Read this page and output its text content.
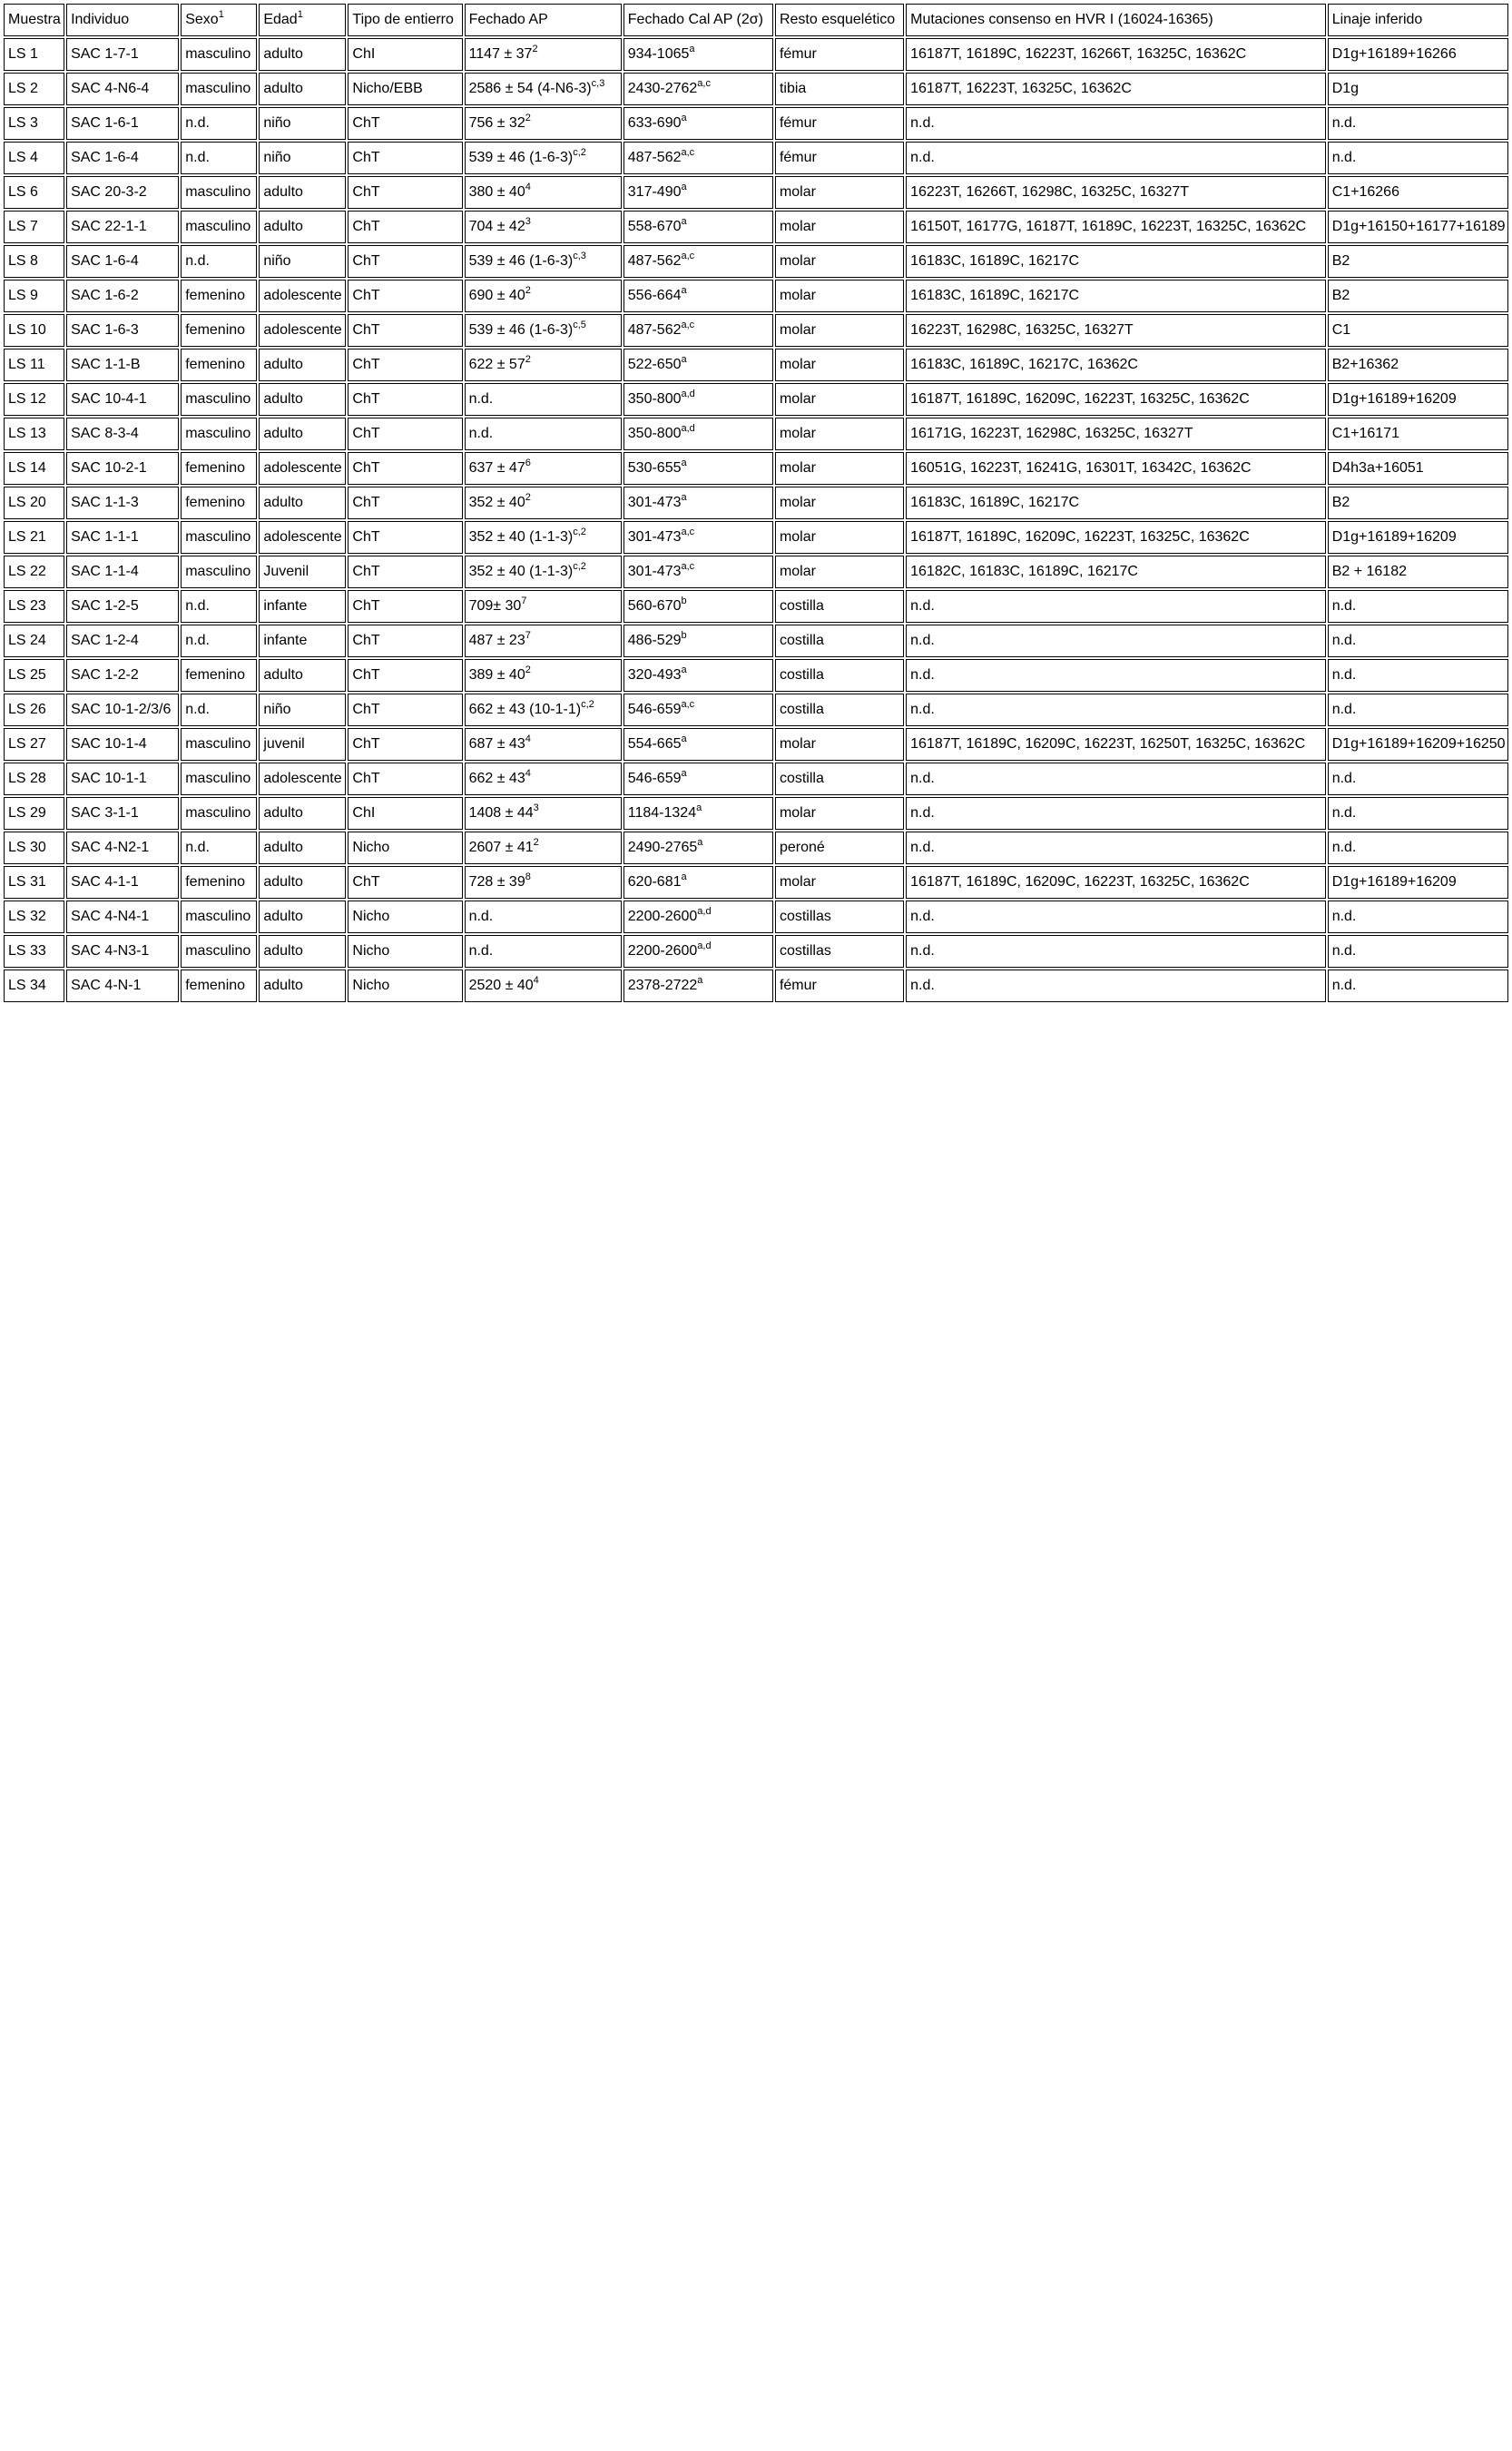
Muestra	Individuo	Sexo$^1$	Edad$^1$	Tipo de entierro	Fechado AP	Fechado Cal AP (2σ)	Resto esquelético	Mutaciones consenso en HVR I (16024-16365)	Linaje inferido
LS 1	SAC 1-7-1	masculino	adulto	ChI	$1147 \pm 37^2$	934-1065$^a$	fémur	16187T, 16189C, 16223T, 16266T, 16325C, 16362C	D1g+16189+16266
LS 2	SAC 4-N6-4	masculino	adulto	Nicho/EBB	2586 ± 54 $(4-N6-3)^{c,3}$	2430-2762$^{a,c}$	tibia	16187T, 16223T, 16325C, 16362C	D1g
LS 3	SAC 1-6-1	n.d.	niño	ChT	$756 \pm 32^2$	633-690$^a$	fémur	n.d.	n.d.
LS 4	SAC 1-6-4	n.d.	niño	ChT	539 ± 46 $(1-6-3)^{c,2}$	487-562$^{a,c}$	fémur	n.d.	n.d.
LS 6	SAC 20-3-2	masculino	adulto	ChT	$380 \pm 40^4$	317-490$^a$	molar	16223T, 16266T, 16298C, 16325C, 16327T	C1+16266
LS 7	SAC 22-1-1	masculino	adulto	ChT	$704 \pm 42^3$	558-670$^a$	molar	16150T, 16177G, 16187T, 16189C, 16223T, 16325C, 16362C	D1g+16150+16177+16189
LS 8	SAC 1-6-4	n.d.	niño	ChT	539 ± 46 $(1-6-3)^{c,3}$	487-562$^{a,c}$	molar	16183C, 16189C, 16217C	B2
LS 9	SAC 1-6-2	femenino	adolescente	ChT	$690 \pm 40^2$	556-664$^a$	molar	16183C, 16189C, 16217C	B2
LS 10	SAC 1-6-3	femenino	adolescente	ChT	539 ± 46 $(1-6-3)^{c,5}$	487-562$^{a,c}$	molar	16223T, 16298C, 16325C, 16327T	C1
LS 11	SAC 1-1-B	femenino	adulto	ChT	$622 \pm 57^2$	522-650$^a$	molar	16183C, 16189C, 16217C, 16362C	B2+16362
LS 12	SAC 10-4-1	masculino	adulto	ChT	n.d.	350-800$^{a,d}$	molar	16187T, 16189C, 16209C, 16223T, 16325C, 16362C	D1g+16189+16209
LS 13	SAC 8-3-4	masculino	adulto	ChT	n.d.	350-800$^{a,d}$	molar	16171G, 16223T, 16298C, 16325C, 16327T	C1+16171
LS 14	SAC 10-2-1	femenino	adolescente	ChT	$637 \pm 47^6$	530-655$^a$	molar	16051G, 16223T, 16241G, 16301T, 16342C, 16362C	D4h3a+16051
LS 20	SAC 1-1-3	femenino	adulto	ChT	$352 \pm 40^2$	301-473$^a$	molar	16183C, 16189C, 16217C	B2
LS 21	SAC 1-1-1	masculino	adolescente	ChT	352 ± 40 $(1-1-3)^{c,2}$	301-473$^{a,c}$	molar	16187T, 16189C, 16209C, 16223T, 16325C, 16362C	D1g+16189+16209
LS 22	SAC 1-1-4	masculino	Juvenil	ChT	352 ± 40 $(1-1-3)^{c,2}$	301-473$^{a,c}$	molar	16182C, 16183C, 16189C, 16217C	B2 + 16182
LS 23	SAC 1-2-5	n.d.	infante	ChT	$709\pm 30^7$	560-670$^b$	costilla	n.d.	n.d.
LS 24	SAC 1-2-4	n.d.	infante	ChT	$487 \pm 23^7$	486-529$^b$	costilla	n.d.	n.d.
LS 25	SAC 1-2-2	femenino	adulto	ChT	$389 \pm 40^2$	320-493$^a$	costilla	n.d.	n.d.
LS 26	SAC 10-1-2/3/6	n.d.	niño	ChT	662 ± 43 $(10-1-1)^{c,2}$	546-659$^{a,c}$	costilla	n.d.	n.d.
LS 27	SAC 10-1-4	masculino	juvenil	ChT	$687 \pm 43^4$	554-665$^a$	molar	16187T, 16189C, 16209C, 16223T, 16250T, 16325C, 16362C	D1g+16189+16209+16250
LS 28	SAC 10-1-1	masculino	adolescente	ChT	$662 \pm 43^4$	546-659$^a$	costilla	n.d.	n.d.
LS 29	SAC 3-1-1	masculino	adulto	ChI	$1408 \pm 44^3$	1184-1324$^a$	molar	n.d.	n.d.
LS 30	SAC 4-N2-1	n.d.	adulto	Nicho	$2607 \pm 41^2$	2490-2765$^a$	peroné	n.d.	n.d.
LS 31	SAC 4-1-1	femenino	adulto	ChT	$728 \pm 39^8$	620-681$^a$	molar	16187T, 16189C, 16209C, 16223T, 16325C, 16362C	D1g+16189+16209
LS 32	SAC 4-N4-1	masculino	adulto	Nicho	n.d.	2200-2600$^{a,d}$	costillas	n.d.	n.d.
LS 33	SAC 4-N3-1	masculino	adulto	Nicho	n.d.	2200-2600$^{a,d}$	costillas	n.d.	n.d.
LS 34	SAC 4-N-1	femenino	adulto	Nicho	$2520 \pm 40^4$	2378-2722$^a$	fémur	n.d.	n.d.
